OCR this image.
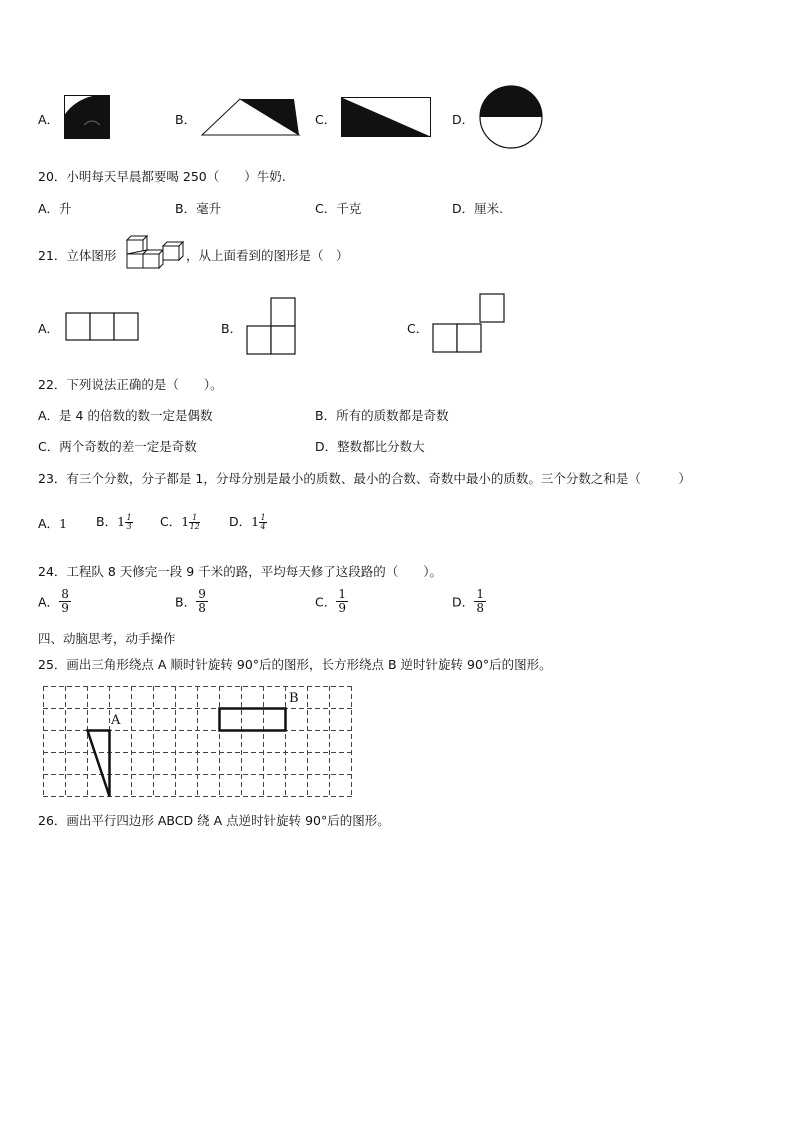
A．	B．	C．	D．
20．小明每天早晨都要喝 250（　　）牛奶.
A．升	B．毫升	C．千克	D．厘米.
21．立体图形	，从上面看到的图形是（　）
A．	B．	C．
22．下列说法正确的是（　　）。
A．是 4 的倍数的数一定是偶数	B．所有的质数都是奇数
C．两个奇数的差一定是奇数	D．整数都比分数大
23．有三个分数，分子都是 1，分母分别是最小的质数、最小的合数、奇数中最小的质数。三个分数之和是（　　　）
A．1 B．$1 \frac{1}{3}$ C．$1 \frac{1}{12}$ D．$1 \frac{1}{4}$
24．工程队 8 天修完一段 9 千米的路，平均每天修了这段路的（　　）。
A． $\frac{8}{9}$	B． $\frac{9}{8}$	C． $\frac{1}{9}$	D． $\frac{1}{8}$
四、动脑思考，动手操作
25．画出三角形绕点 A 顺时针旋转 90°后的图形，长方形绕点 B 逆时针旋转 90°后的图形。
A
B
26．画出平行四边形 ABCD 绕 A 点逆时针旋转 90°后的图形。
